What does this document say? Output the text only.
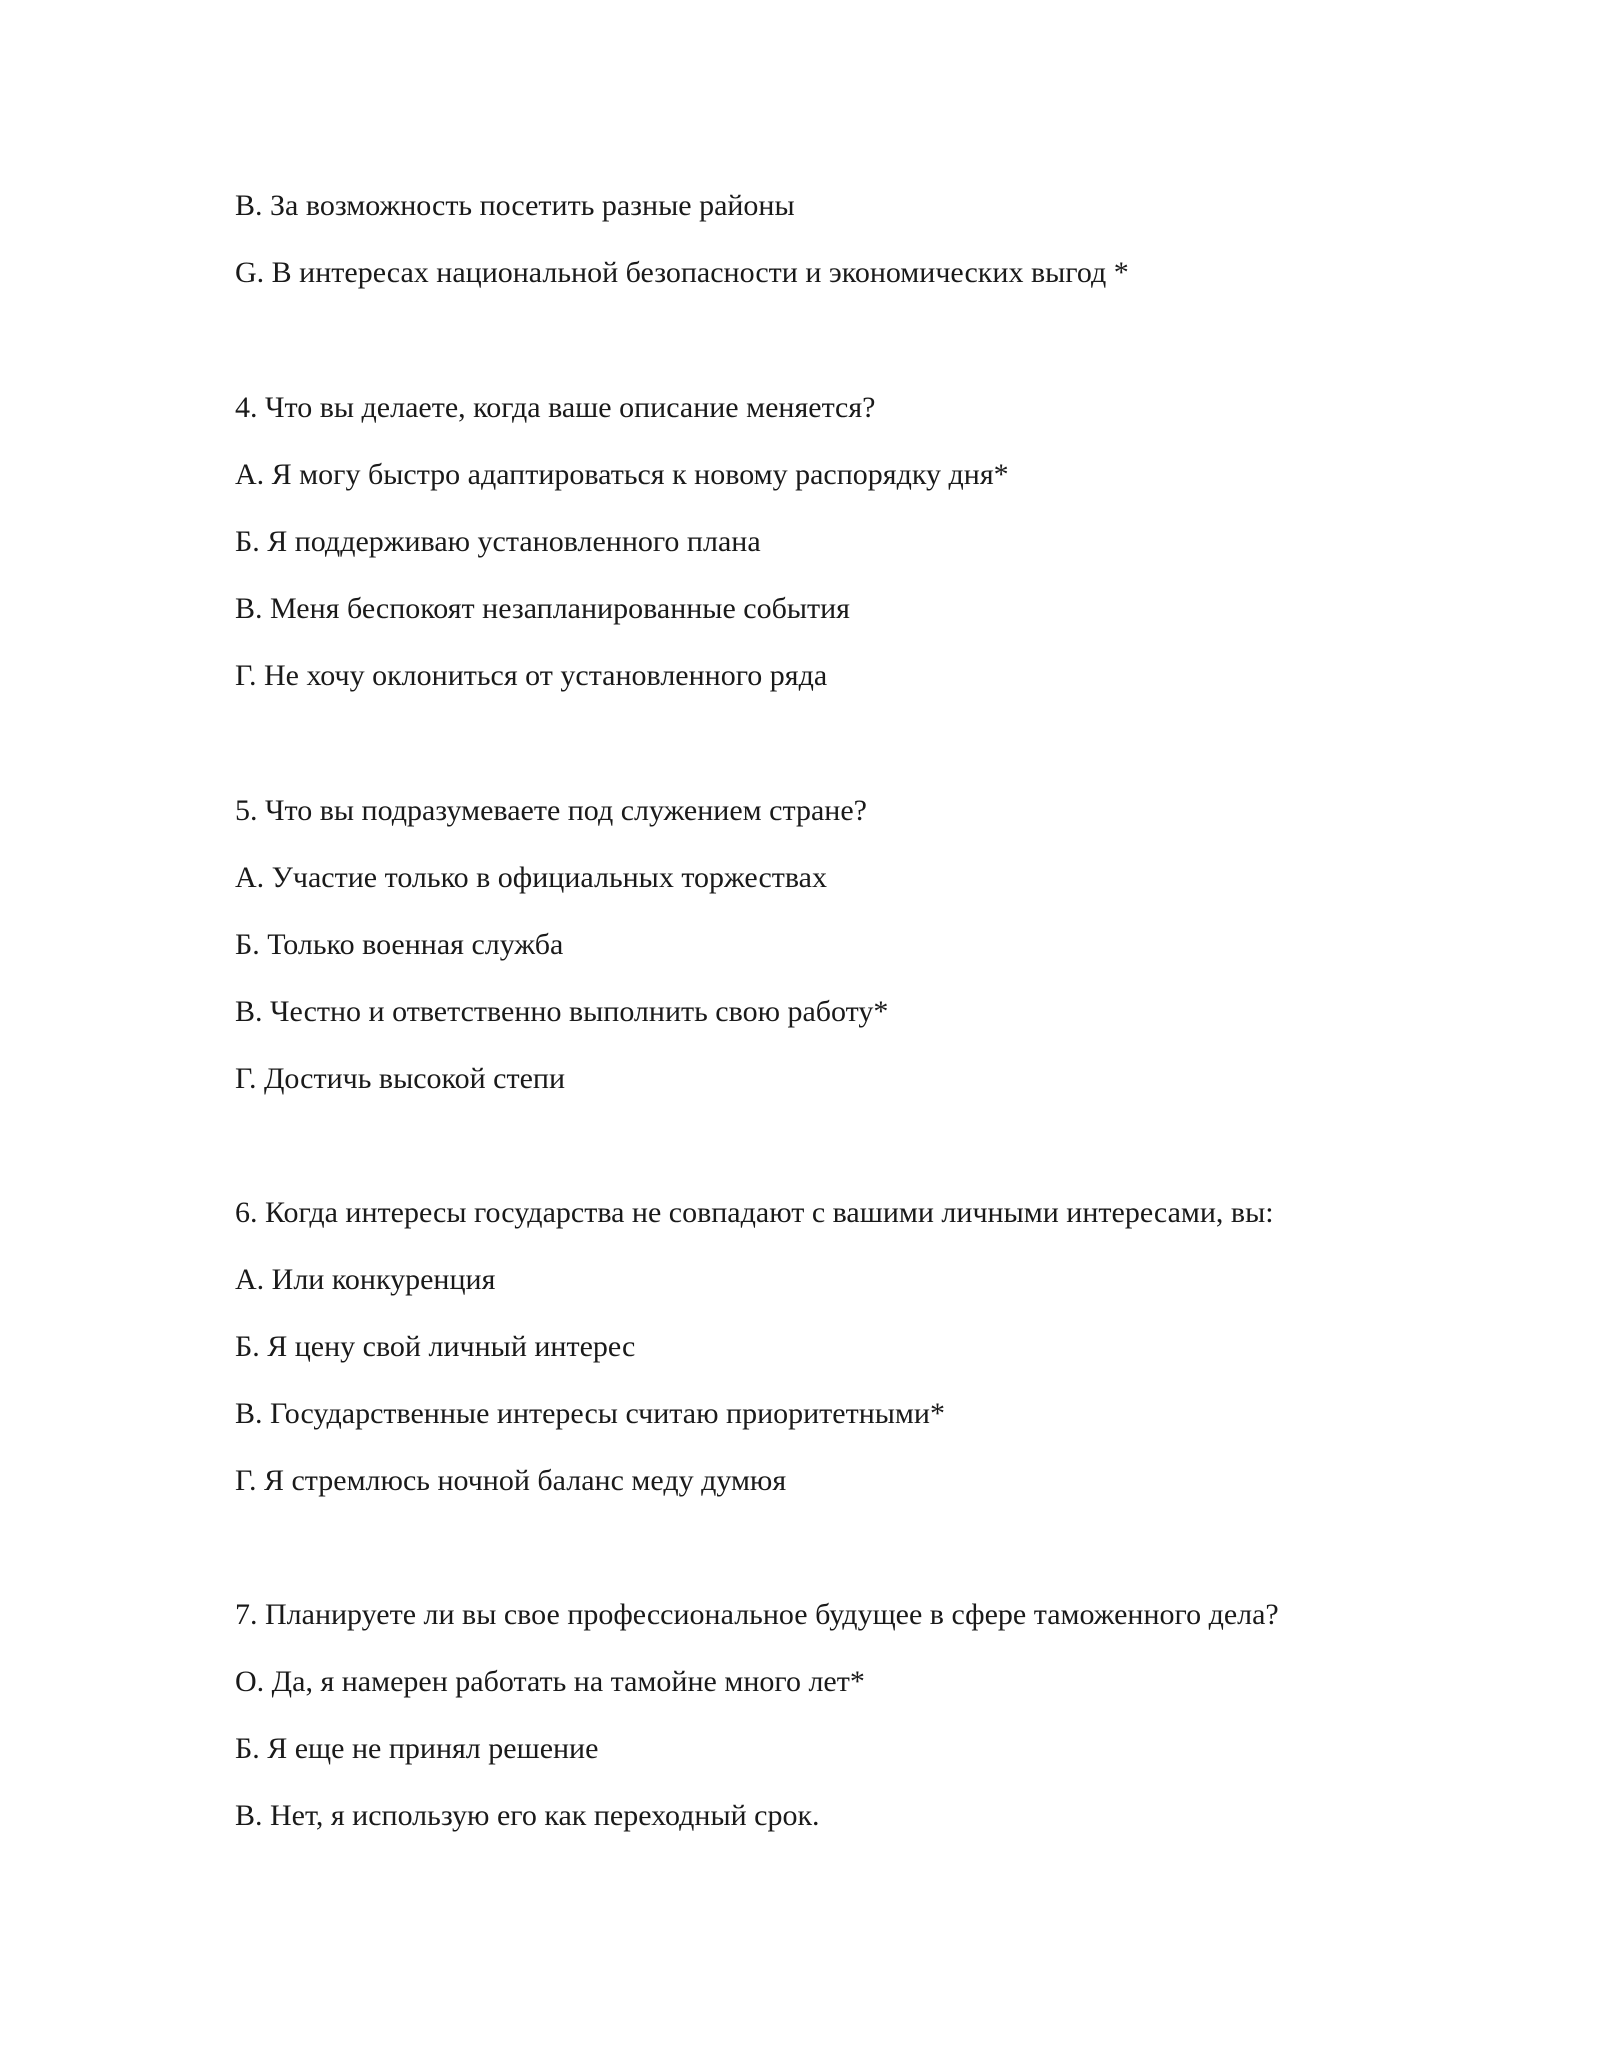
В. За возможность посетить разные районы
G. В интересах национальной безопасности и экономических выгод *
4. Что вы делаете, когда ваше описание меняется?
А. Я могу быстро адаптироваться к новому распорядку дня*
Б. Я поддерживаю установленного плана
В. Меня беспокоят незапланированные события
Г. Не хочу оклониться от установленного ряда
5. Что вы подразумеваете под служением стране?
А. Участие только в официальных торжествах
Б. Только военная служба
В. Честно и ответственно выполнить свою работу*
Г. Достичь высокой степи
6. Когда интересы государства не совпадают с вашими личными интересами, вы:
А. Или конкуренция
Б. Я цену свой личный интерес
В. Государственные интересы считаю приоритетными*
Г. Я стремлюсь ночной баланс меду думюя
7. Планируете ли вы свое профессиональное будущее в сфере таможенного дела?
О. Да, я намерен работать на тамойне много лет*
Б. Я еще не принял решение
В. Нет, я использую его как переходный срок.
